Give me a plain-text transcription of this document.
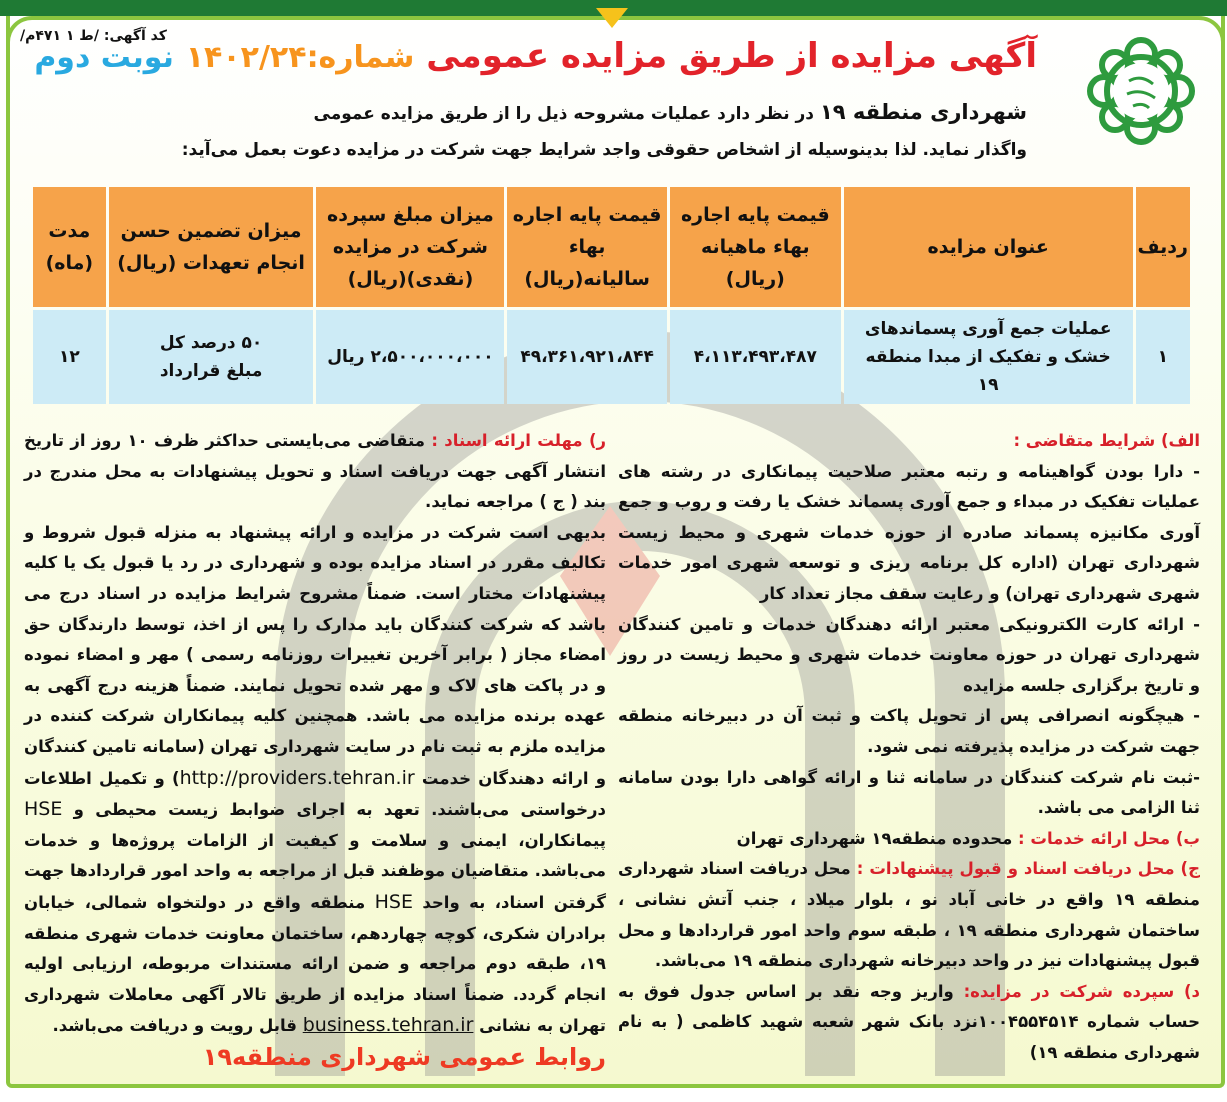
کد آگهی: /ط ۱ ۴۷۱م/	آگهی مزایده از طریق مزایده عمومی شماره:۱۴۰۲/۲۴ نوبت دوم
شهرداری منطقه ۱۹ در نظر دارد عملیات مشروحه ذیل را از طریق مزایده عمومی
واگذار نماید. لذا بدینوسیله از اشخاص حقوقی واجد شرایط جهت شرکت در مزایده دعوت بعمل می‌آید:
ردیف	عنوان مزایده	قیمت پایه اجاره بهاء ماهیانه (ریال)	قیمت پایه اجاره بهاء سالیانه(ریال)	میزان مبلغ سپرده شرکت در مزایده (نقدی)(ریال)	میزان تضمین حسن انجام تعهدات (ریال)	مدت (ماه)
۱	عملیات جمع آوری پسماندهای خشک و تفکیک از مبدا منطقه ۱۹	۴،۱۱۳،۴۹۳،۴۸۷	۴۹،۳۶۱،۹۲۱،۸۴۴	۲،۵۰۰،۰۰۰،۰۰۰ ریال	۵۰ درصد کل مبلغ قرارداد	۱۲

الف) شرایط متقاضی :

- دارا بودن گواهینامه و رتبه معتبر صلاحیت پیمانکاری در رشته های عملیات تفکیک در مبداء و جمع آوری پسماند خشک یا رفت و روب و جمع آوری مکانیزه پسماند صادره از حوزه خدمات شهری و محیط زیست شهرداری تهران (اداره کل برنامه ریزی و توسعه شهری امور خدمات شهری شهرداری تهران) و رعایت سقف مجاز تعداد کار

- ارائه کارت الکترونیکی معتبر ارائه دهندگان خدمات و تامین کنندگان شهرداری تهران در حوزه معاونت خدمات شهری و محیط زیست در روز و تاریخ برگزاری جلسه مزایده

- هیچگونه انصرافی پس از تحویل پاکت و ثبت آن در دبیرخانه منطقه جهت شرکت در مزایده پذیرفته نمی شود.

-ثبت نام شرکت کنندگان در سامانه ثنا و ارائه گواهی دارا بودن سامانه ثنا الزامی می باشد.

ب) محل ارائه خدمات : محدوده منطقه۱۹ شهرداری تهران

ج) محل دریافت اسناد و قبول پیشنهادات : محل دریافت اسناد شهرداری منطقه ۱۹ واقع در خانی آباد نو ، بلوار میلاد ، جنب آتش نشانی ، ساختمان شهرداری منطقه ۱۹ ، طبقه سوم واحد امور قراردادها و محل قبول پیشنهادات نیز در واحد دبیرخانه شهرداری منطقه ۱۹ می‌باشد.

د) سپرده شرکت در مزایده: واریز وجه نقد بر اساس جدول فوق به حساب شماره ۱۰۰۴۵۵۴۵۱۴نزد بانک شهر شعبه شهید کاظمی ( به نام شهرداری منطقه ۱۹)

ر) مهلت ارائه اسناد : متقاضی می‌بایستی حداکثر ظرف ۱۰ روز از تاریخ انتشار آگهی جهت دریافت اسناد و تحویل پیشنهادات به محل مندرج در بند ( ج ) مراجعه نماید.

بدیهی است شرکت در مزایده و ارائه پیشنهاد به منزله قبول شروط و تکالیف مقرر در اسناد مزایده بوده و شهرداری در رد یا قبول یک یا کلیه پیشنهادات مختار است. ضمناً مشروح شرایط مزایده در اسناد درج می باشد که شرکت کنندگان باید مدارک را پس از اخذ، توسط دارندگان حق امضاء مجاز ( برابر آخرین تغییرات روزنامه رسمی ) مهر و امضاء نموده و در پاکت های لاک و مهر شده تحویل نمایند. ضمناً هزینه درج آگهی به عهده برنده مزایده می باشد. همچنین کلیه پیمانکاران شرکت کننده در مزایده ملزم به ثبت نام در سایت شهرداری تهران (سامانه تامین کنندگان و ارائه دهندگان خدمت http://providers.tehran.ir) و تکمیل اطلاعات درخواستی می‌باشند. تعهد به اجرای ضوابط زیست محیطی و HSE پیمانکاران، ایمنی و سلامت و کیفیت از الزامات پروژه‌ها و خدمات می‌باشد. متقاضیان موظفند قبل از مراجعه به واحد امور قراردادها جهت گرفتن اسناد، به واحد HSE منطقه واقع در دولتخواه شمالی، خیابان برادران شکری، کوچه چهاردهم، ساختمان معاونت خدمات شهری منطقه ۱۹، طبقه دوم مراجعه و ضمن ارائه مستندات مربوطه، ارزیابی اولیه انجام گردد. ضمناً اسناد مزایده از طریق تالار آگهی معاملات شهرداری تهران به نشانی business.tehran.ir قابل رویت و دریافت می‌باشد.

روابط عمومی شهرداری منطقه۱۹
